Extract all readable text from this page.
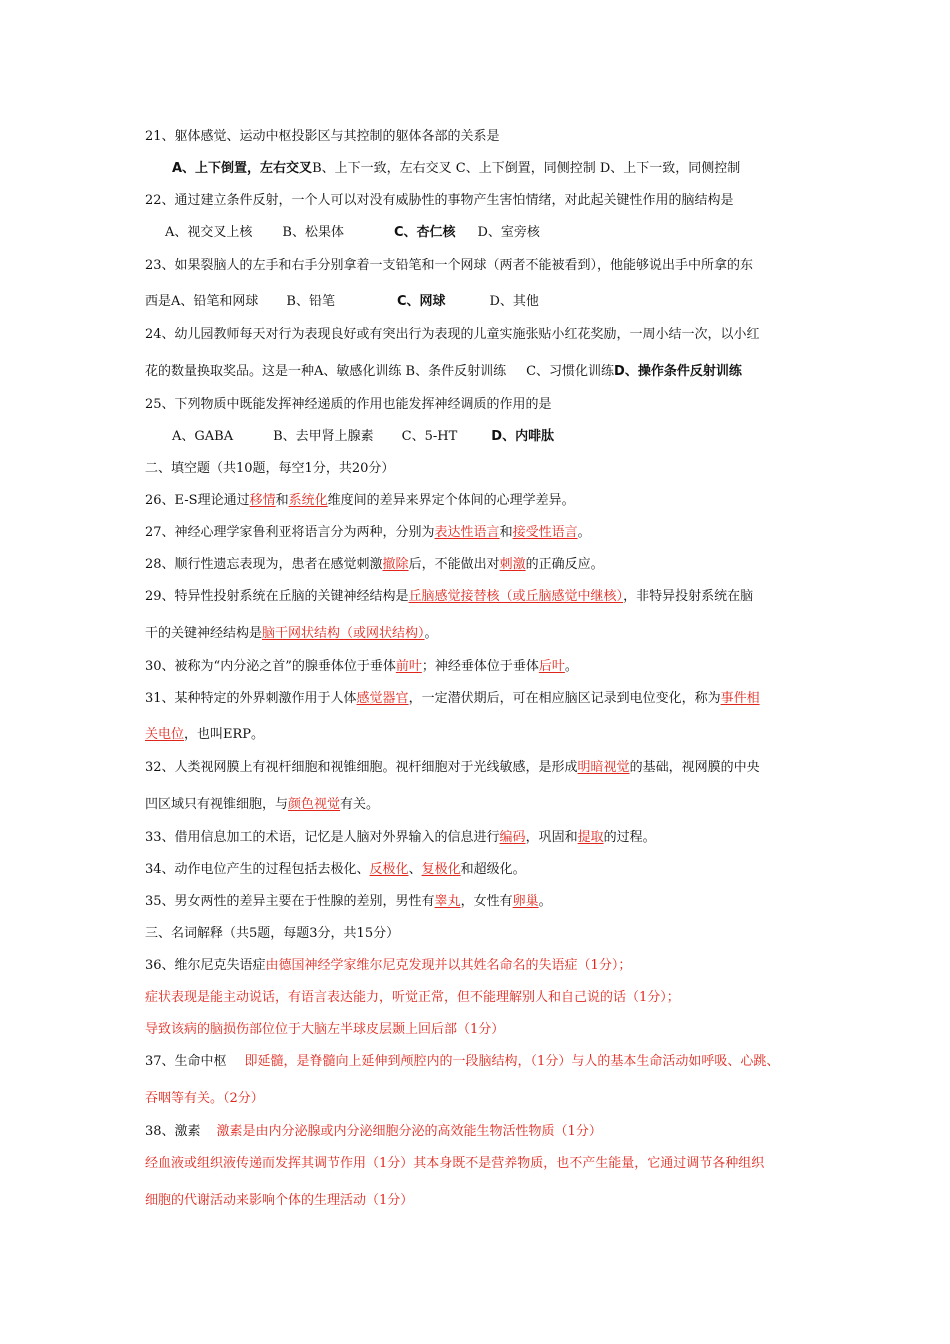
21、躯体感觉、运动中枢投影区与其控制的躯体各部的关系是
A、上下倒置，左右交叉B、上下一致，左右交叉 C、上下倒置，同侧控制 D、上下一致，同侧控制
22、通过建立条件反射，一个人可以对没有威胁性的事物产生害怕情绪，对此起关键性作用的脑结构是
A、视交叉上核 B、松果体	C、杏仁核 D、室旁核
23、如果裂脑人的左手和右手分别拿着一支铅笔和一个网球（两者不能被看到），他能够说出手中所拿的东
西是A、铅笔和网球 B、铅笔	C、网球	D、其他
24、幼儿园教师每天对行为表现良好或有突出行为表现的儿童实施张贴小红花奖励，一周小结一次，以小红
花的数量换取奖品。这是一种A、敏感化训练 B、条件反射训练 C、习惯化训练D、操作条件反射训练
25、下列物质中既能发挥神经递质的作用也能发挥神经调质的作用的是
A、GABA	B、去甲肾上腺素 C、5-HT	D、内啡肽
二、填空题（共10题，每空1分，共20分）
26、E-S理论通过移情和系统化维度间的差异来界定个体间的心理学差异。
27、神经心理学家鲁利亚将语言分为两种，分别为表达性语言和接受性语言。
28、顺行性遗忘表现为，患者在感觉刺激撤除后，不能做出对刺激的正确反应。
29、特异性投射系统在丘脑的关键神经结构是丘脑感觉接替核（或丘脑感觉中继核），非特异投射系统在脑
干的关键神经结构是脑干网状结构（或网状结构）。
30、被称为“内分泌之首”的腺垂体位于垂体前叶；神经垂体位于垂体后叶。
31、某种特定的外界刺激作用于人体感觉器官，一定潜伏期后，可在相应脑区记录到电位变化，称为事件相
关电位，也叫ERP。
32、人类视网膜上有视杆细胞和视锥细胞。视杆细胞对于光线敏感，是形成明暗视觉的基础，视网膜的中央
凹区域只有视锥细胞，与颜色视觉有关。
33、借用信息加工的术语，记忆是人脑对外界输入的信息进行编码，巩固和提取的过程。
34、动作电位产生的过程包括去极化、反极化、复极化和超级化。
35、男女两性的差异主要在于性腺的差别，男性有睾丸，女性有卵巢。
三、名词解释（共5题，每题3分，共15分）
36、维尔尼克失语症由德国神经学家维尔尼克发现并以其姓名命名的失语症（1分）；
症状表现是能主动说话，有语言表达能力，听觉正常，但不能理解别人和自己说的话（1分）；
导致该病的脑损伤部位位于大脑左半球皮层颞上回后部（1分）
37、生命中枢 即延髓，是脊髓向上延伸到颅腔内的一段脑结构，（1分）与人的基本生命活动如呼吸、心跳、
吞咽等有关。（2分）
38、激素 激素是由内分泌腺或内分泌细胞分泌的高效能生物活性物质（1分）
经血液或组织液传递而发挥其调节作用（1分）其本身既不是营养物质，也不产生能量，它通过调节各种组织
细胞的代谢活动来影响个体的生理活动（1分）
